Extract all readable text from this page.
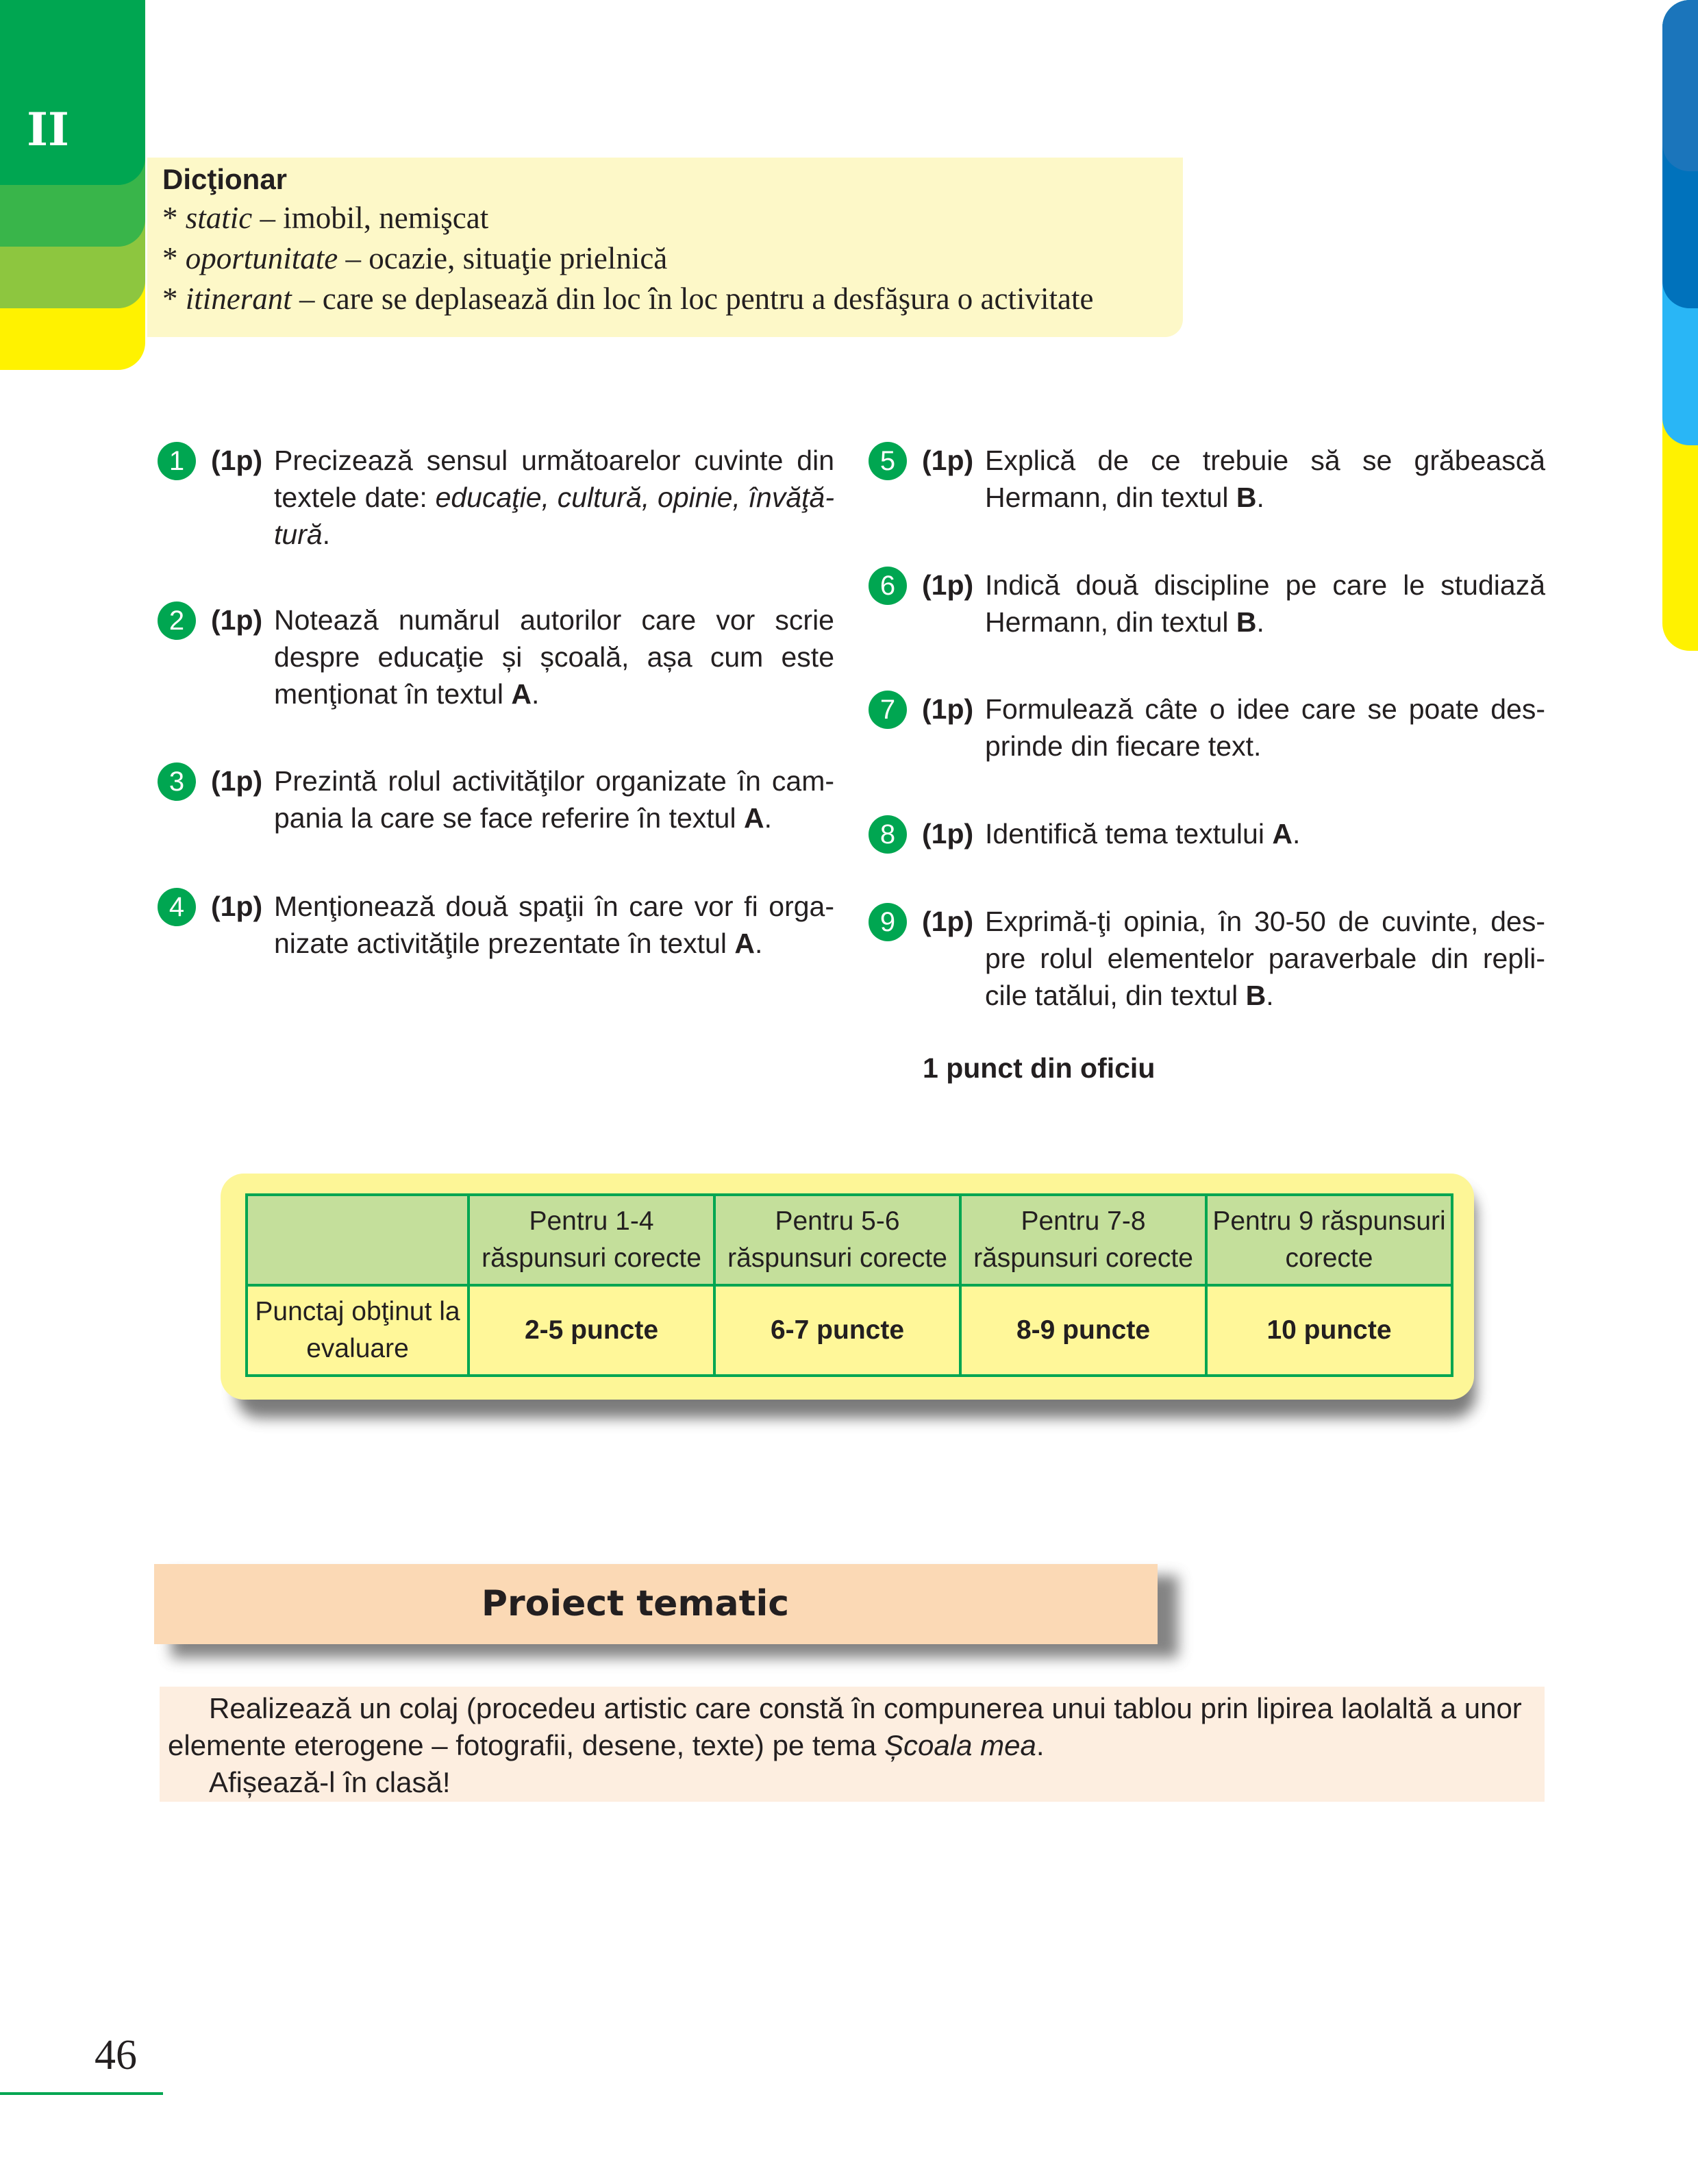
II
Dicţionar
* static – imobil, nemişcat
* oportunitate – ocazie, situaţie prielnică
* itinerant – care se deplasează din loc în loc pentru a desfăşura o activitate
1 (1p) Precizează sensul următoarelor cuvinte din textele date: educaţie, cultură, opinie, învăţătură.
2 (1p) Notează numărul autorilor care vor scrie despre educaţie și școală, așa cum este menţionat în textul A.
3 (1p) Prezintă rolul activităţilor organizate în campania la care se face referire în textul A.
4 (1p) Menţionează două spaţii în care vor fi organizate activităţile prezentate în textul A.
5 (1p) Explică de ce trebuie să se grăbească Hermann, din textul B.
6 (1p) Indică două discipline pe care le studiază Hermann, din textul B.
7 (1p) Formulează câte o idee care se poate desprinde din fiecare text.
8 (1p) Identifică tema textului A.
9 (1p) Exprimă-ţi opinia, în 30-50 de cuvinte, despre rolul elementelor paraverbale din replicile tatălui, din textul B.
1 punct din oficiu
	Pentru 1-4 răspunsuri corecte	Pentru 5-6 răspunsuri corecte	Pentru 7-8 răspunsuri corecte	Pentru 9 răspunsuri corecte
Punctaj obţinut la evaluare	2-5 puncte	6-7 puncte	8-9 puncte	10 puncte
Proiect tematic
Realizează un colaj (procedeu artistic care constă în compunerea unui tablou prin lipirea laolaltă a unor
elemente eterogene – fotografii, desene, texte) pe tema Școala mea.
Afișează-l în clasă!
46
